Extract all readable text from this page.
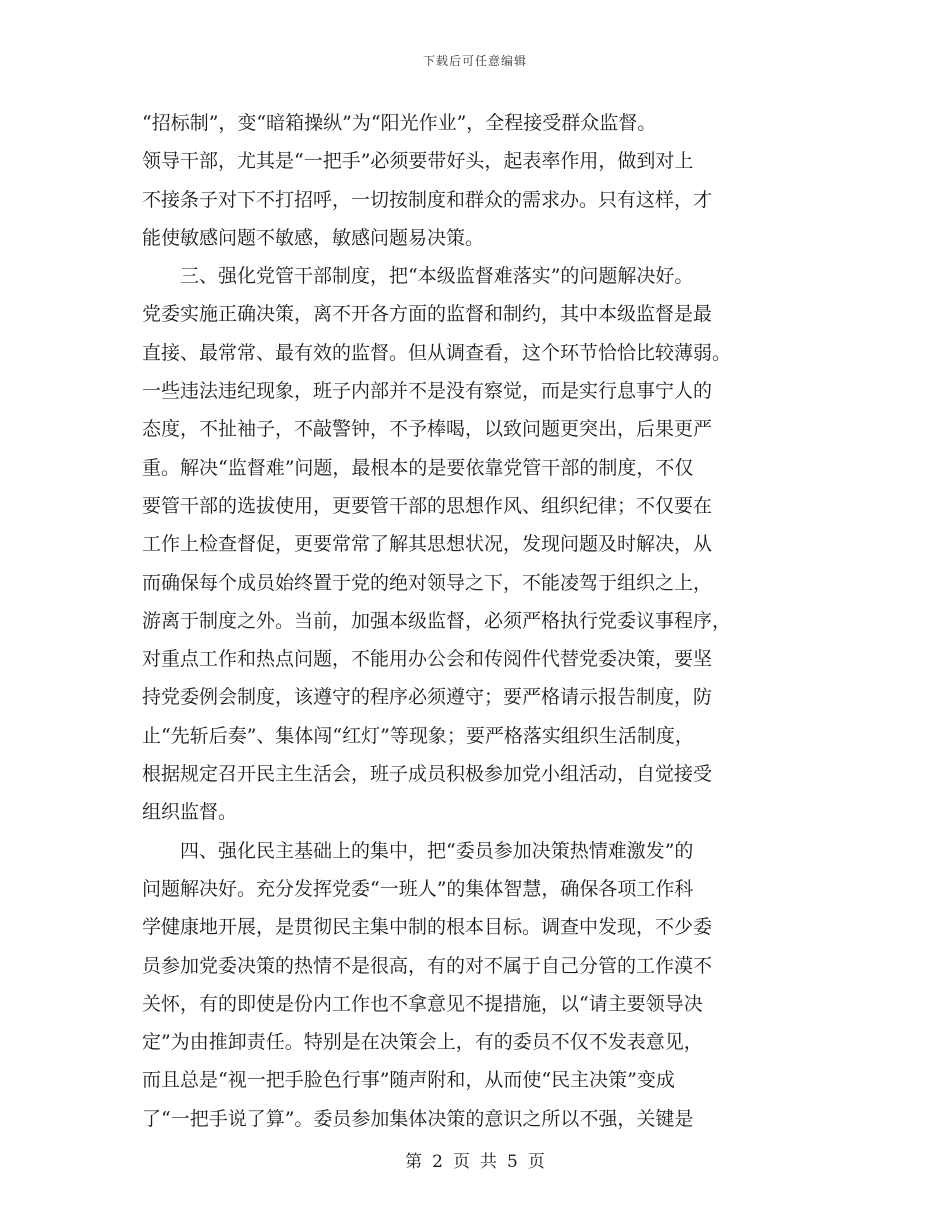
下载后可任意编辑
“招标制”，变“暗箱操纵”为“阳光作业”，全程接受群众监督。
领导干部，尤其是“一把手”必须要带好头，起表率作用，做到对上
不接条子对下不打招呼，一切按制度和群众的需求办。只有这样，才
能使敏感问题不敏感，敏感问题易决策。
　　三、强化党管干部制度，把“本级监督难落实”的问题解决好。
党委实施正确决策，离不开各方面的监督和制约，其中本级监督是最
直接、最常常、最有效的监督。但从调查看，这个环节恰恰比较薄弱。
一些违法违纪现象，班子内部并不是没有察觉，而是实行息事宁人的
态度，不扯袖子，不敲警钟，不予棒喝，以致问题更突出，后果更严
重。解决“监督难”问题，最根本的是要依靠党管干部的制度，不仅
要管干部的选拔使用，更要管干部的思想作风、组织纪律；不仅要在
工作上检查督促，更要常常了解其思想状况，发现问题及时解决，从
而确保每个成员始终置于党的绝对领导之下，不能凌驾于组织之上，
游离于制度之外。当前，加强本级监督，必须严格执行党委议事程序，
对重点工作和热点问题，不能用办公会和传阅件代替党委决策，要坚
持党委例会制度，该遵守的程序必须遵守；要严格请示报告制度，防
止“先斩后奏”、集体闯“红灯”等现象；要严格落实组织生活制度，
根据规定召开民主生活会，班子成员积极参加党小组活动，自觉接受
组织监督。
　　四、强化民主基础上的集中，把“委员参加决策热情难激发”的
问题解决好。充分发挥党委“一班人”的集体智慧，确保各项工作科
学健康地开展，是贯彻民主集中制的根本目标。调查中发现，不少委
员参加党委决策的热情不是很高，有的对不属于自己分管的工作漠不
关怀，有的即使是份内工作也不拿意见不提措施，以“请主要领导决
定”为由推卸责任。特别是在决策会上，有的委员不仅不发表意见，
而且总是“视一把手脸色行事”随声附和，从而使“民主决策”变成
了“一把手说了算”。委员参加集体决策的意识之所以不强，关键是
第 2 页 共 5 页
